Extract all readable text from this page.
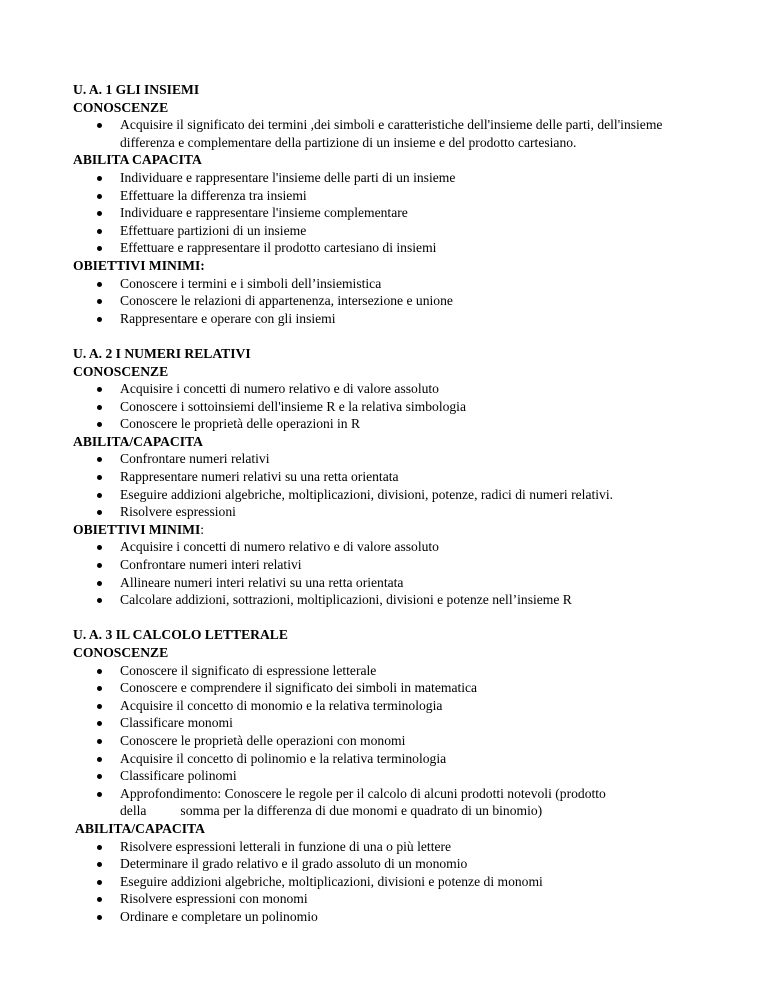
U. A. 1 GLI INSIEMI

CONOSCENZE

Acquisire il significato dei termini ,dei simboli e caratteristiche dell'insieme delle parti, dell'insieme differenza e complementare della partizione di un insieme e del prodotto cartesiano.

ABILITA CAPACITA

Individuare e rappresentare l'insieme delle parti di un insieme
Effettuare la differenza tra insiemi
Individuare e rappresentare l'insieme complementare
Effettuare partizioni di un insieme
Effettuare e rappresentare il prodotto cartesiano di insiemi

OBIETTIVI MINIMI:

Conoscere i termini e i simboli dell’insiemistica
Conoscere le relazioni di appartenenza, intersezione e unione
Rappresentare e operare con gli insiemi

U. A. 2 I NUMERI RELATIVI

CONOSCENZE

Acquisire i concetti di numero relativo e di valore assoluto
Conoscere i sottoinsiemi dell'insieme R e la relativa simbologia
Conoscere le proprietà delle operazioni in R

ABILITA/CAPACITA

Confrontare numeri relativi
Rappresentare numeri relativi su una retta orientata
Eseguire addizioni algebriche, moltiplicazioni, divisioni, potenze, radici di numeri relativi.
Risolvere espressioni

OBIETTIVI MINIMI:

Acquisire i concetti di numero relativo e di valore assoluto
Confrontare numeri interi relativi
Allineare numeri interi relativi su una retta orientata
Calcolare addizioni, sottrazioni, moltiplicazioni, divisioni e potenze nell’insieme R

U. A. 3 IL CALCOLO LETTERALE

CONOSCENZE

Conoscere il significato di espressione letterale
Conoscere e comprendere il significato dei simboli in matematica
Acquisire il concetto di monomio e la relativa terminologia
Classificare monomi
Conoscere le proprietà delle operazioni con monomi
Acquisire il concetto di polinomio e la relativa terminologia
Classificare polinomi
Approfondimento: Conoscere le regole per il calcolo di alcuni prodotti notevoli (prodotto
della	somma per la differenza di due monomi e quadrato di un binomio)

ABILITA/CAPACITA

Risolvere espressioni letterali in funzione di una o più lettere
Determinare il grado relativo e il grado assoluto di un monomio
Eseguire addizioni algebriche, moltiplicazioni, divisioni e potenze di monomi
Risolvere espressioni con monomi
Ordinare e completare un polinomio
